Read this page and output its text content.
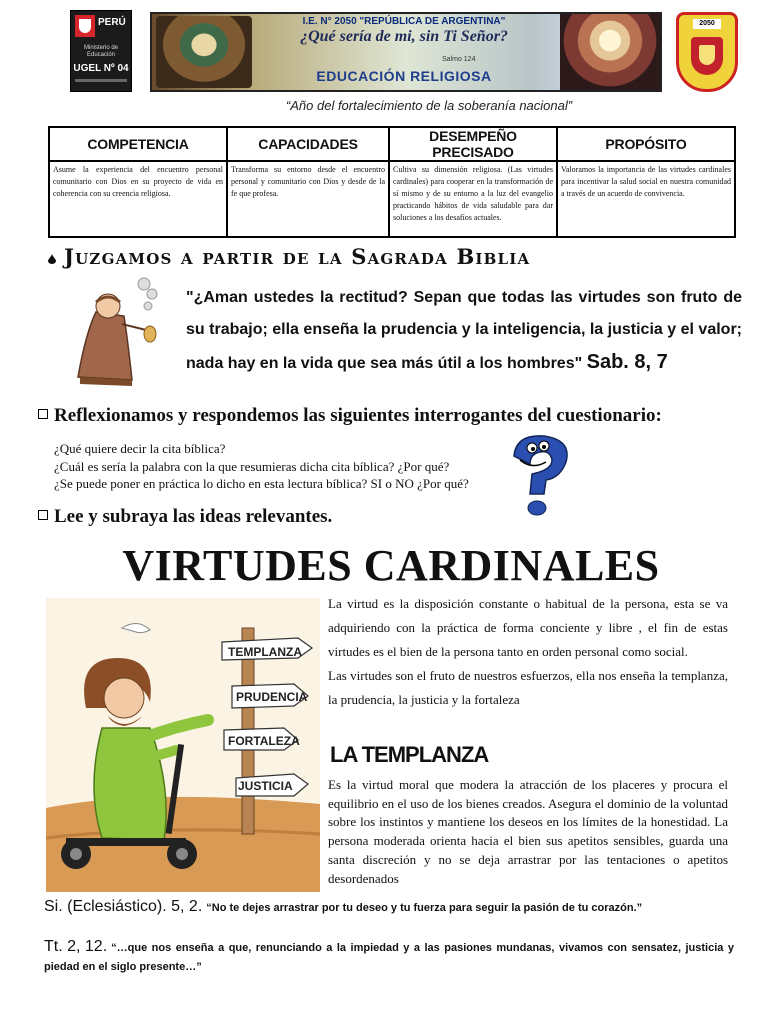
PERÚ
Ministerio de Educación
UGEL Nº 04
I.E. N° 2050 "REPÚBLICA DE ARGENTINA"
¿Qué sería de mi, sin Ti Señor?
Salmo 124
EDUCACIÓN RELIGIOSA
2050
“Año del fortalecimiento de la soberanía nacional”
COMPETENCIA	CAPACIDADES	DESEMPEÑO PRECISADO	PROPÓSITO
Asume la experiencia del encuentro personal comunitario con Dios en su proyecto de vida en coherencia con su creencia religiosa.	Transforma su entorno desde el encuentro personal y comunitario con Dios y desde de la fe que profesa.	Cultiva su dimensión religiosa. (Las virtudes cardinales) para cooperar en la transformación de sí mismo y de su entorno a la luz del evangelio practicando hábitos de vida saludable para dar soluciones a los desafíos actuales.	Valoramos la importancia de las virtudes cardinales para incentivar la salud social en nuestra comunidad a través de un acuerdo de convivencia.
Juzgamos a partir de la Sagrada Biblia
"¿Aman ustedes la rectitud? Sepan que todas las virtudes son fruto de su trabajo; ella enseña la prudencia y la inteligencia, la justicia y el valor; nada hay en la vida que sea más útil a los hombres" Sab. 8, 7
Reflexionamos y respondemos las siguientes interrogantes del cuestionario:
¿Qué quiere decir la cita bíblica?
¿Cuál es sería la palabra con la que resumieras dicha cita bíblica? ¿Por qué?
¿Se puede poner en práctica lo dicho en esta lectura bíblica? SI o NO ¿Por qué?
Lee y subraya las ideas relevantes.
VIRTUDES CARDINALES
TEMPLANZA
PRUDENCIA
FORTALEZA
JUSTICIA

La virtud es la disposición constante o habitual de la persona, esta se va adquiriendo con la práctica de forma conciente y libre , el fin de estas virtudes es el bien de la persona tanto en orden personal como social.

Las virtudes son el fruto de nuestros esfuerzos, ella nos enseña la templanza, la prudencia, la justicia y la fortaleza

LA TEMPLANZA
Es la virtud moral que modera la atracción de los placeres y procura el equilibrio en el uso de los bienes creados. Asegura el dominio de la voluntad sobre los instintos y mantiene los deseos en los límites de la honestidad. La persona moderada orienta hacia el bien sus apetitos sensibles, guarda una santa discreción y no se deja arrastrar por las tentaciones o apetitos desordenados
Si. (Eclesiástico). 5, 2. “No te dejes arrastrar por tu deseo y tu fuerza para seguir la pasión de tu corazón.”
Tt. 2, 12. “…que nos enseña a que, renunciando a la impiedad y a las pasiones mundanas, vivamos con sensatez, justicia y piedad en el siglo presente…”
